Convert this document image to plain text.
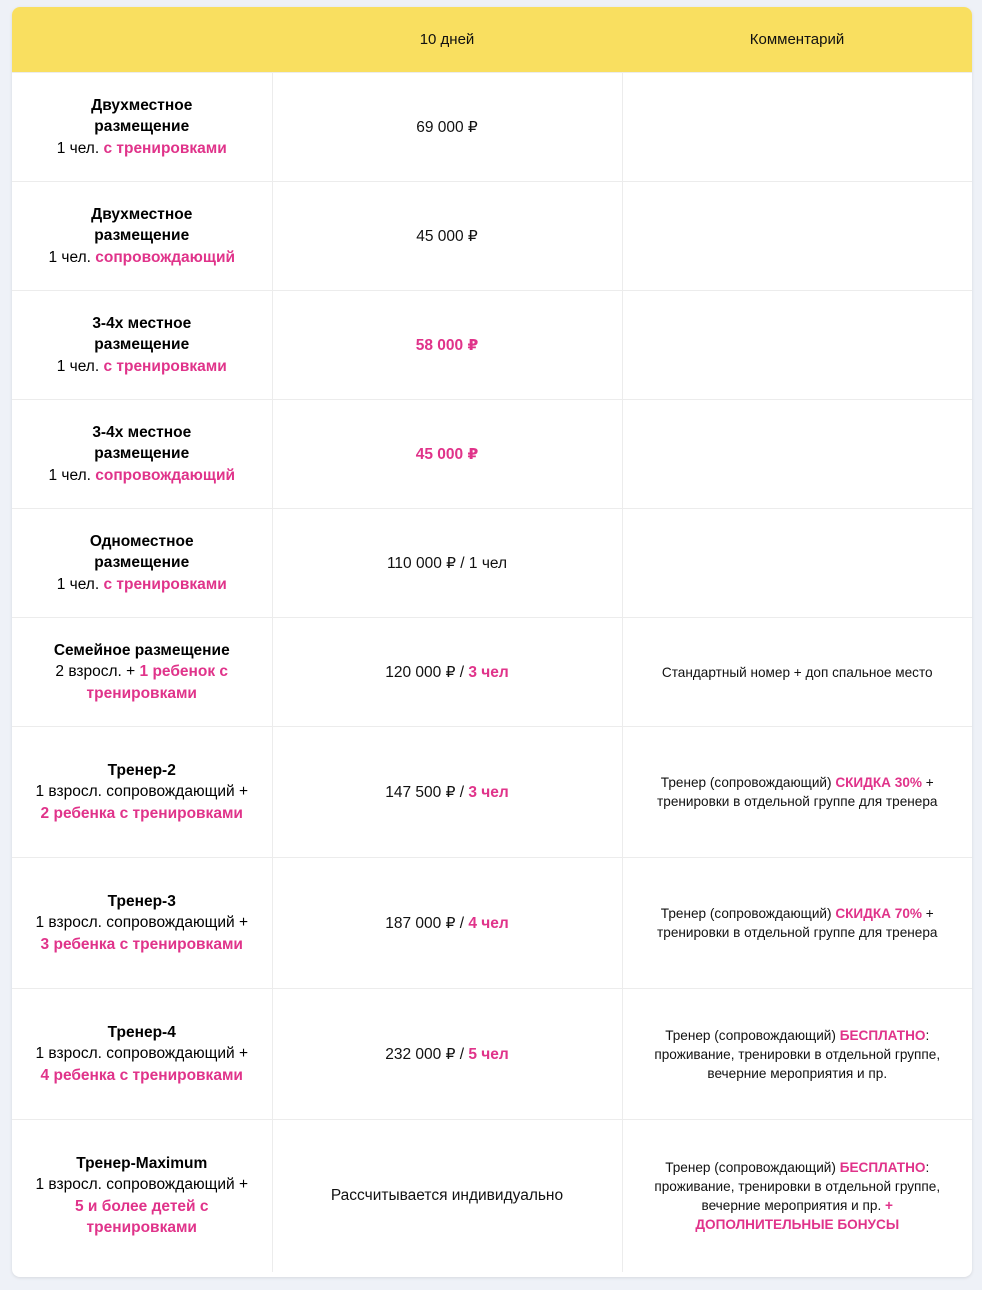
	10 дней	Комментарий
Двухместное
размещение
1 чел. с тренировками	69 000 ₽	
Двухместное
размещение
1 чел. сопровождающий	45 000 ₽	
3-4х местное
размещение
1 чел. с тренировками	58 000 ₽	
3-4х местное
размещение
1 чел. сопровождающий	45 000 ₽	
Одноместное
размещение
1 чел. с тренировками	110 000 ₽ / 1 чел	
Семейное размещение
2 взросл. + 1 ребенок с тренировками	120 000 ₽ / 3 чел	Стандартный номер + доп спальное место
Тренер-2
1 взросл. сопровождающий + 2 ребенка с тренировками	147 500 ₽ / 3 чел	Тренер (сопровождающий) СКИДКА 30% + тренировки в отдельной группе для тренера
Тренер-3
1 взросл. сопровождающий + 3 ребенка с тренировками	187 000 ₽ / 4 чел	Тренер (сопровождающий) СКИДКА 70% + тренировки в отдельной группе для тренера
Тренер-4
1 взросл. сопровождающий + 4 ребенка с тренировками	232 000 ₽ / 5 чел	Тренер (сопровождающий) БЕСПЛАТНО: проживание, тренировки в отдельной группе, вечерние мероприятия и пр.
Тренер-Maximum
1 взросл. сопровождающий + 5 и более детей с тренировками	Рассчитывается индивидуально	Тренер (сопровождающий) БЕСПЛАТНО: проживание, тренировки в отдельной группе, вечерние мероприятия и пр. + ДОПОЛНИТЕЛЬНЫЕ БОНУСЫ
